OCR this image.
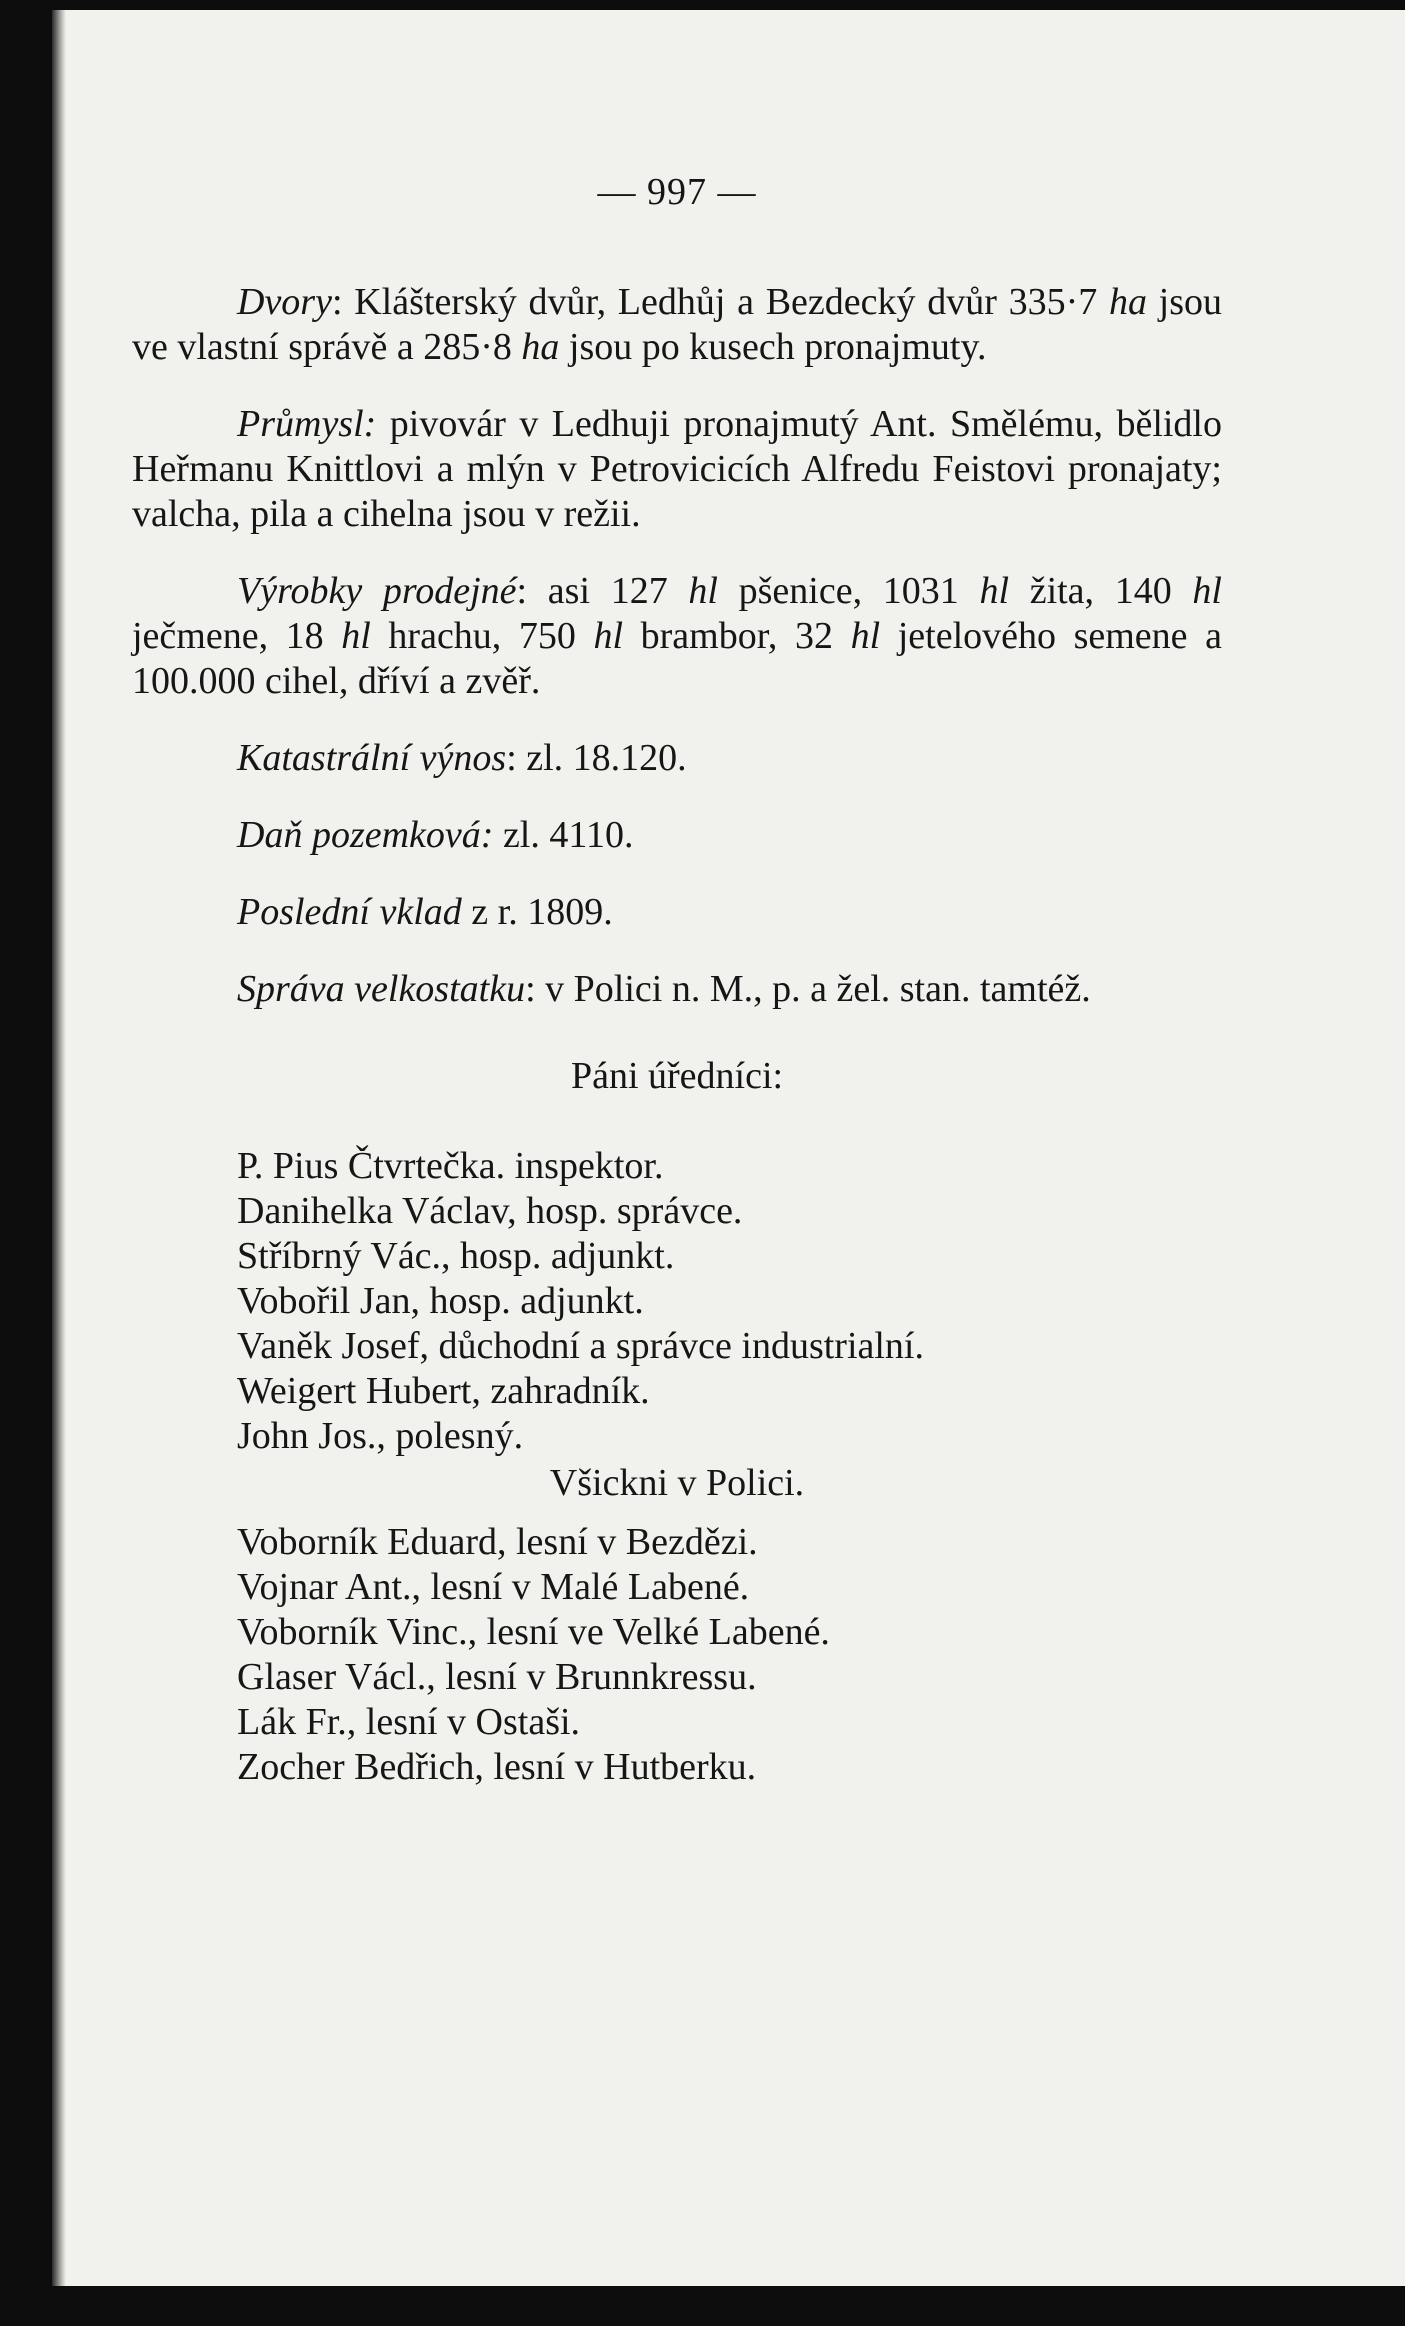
— 997 —

Dvory: Klášterský dvůr, Ledhůj a Bezdecký dvůr 335·7 ha jsou ve vlastní správě a 285·8 ha jsou po kusech pronajmuty.

Průmysl: pivovár v Ledhuji pronajmutý Ant. Smělému, bělidlo Heřmanu Knittlovi a mlýn v Petrovicicích Alfredu Feistovi pronajaty; valcha, pila a cihelna jsou v režii.

Výrobky prodejné: asi 127 hl pšenice, 1031 hl žita, 140 hl ječmene, 18 hl hrachu, 750 hl brambor, 32 hl jetelového semene a 100.000 cihel, dříví a zvěř.

Katastrální výnos: zl. 18.120.

Daň pozemková: zl. 4110.

Poslední vklad z r. 1809.

Správa velkostatku: v Polici n. M., p. a žel. stan. tamtéž.

Páni úředníci:
P. Pius Čtvrtečka. inspektor.
Danihelka Václav, hosp. správce.
Stříbrný Vác., hosp. adjunkt.
Vobořil Jan, hosp. adjunkt.
Vaněk Josef, důchodní a správce industrialní.
Weigert Hubert, zahradník.
John Jos., polesný.
Všickni v Polici.
Voborník Eduard, lesní v Bezdězi.
Vojnar Ant., lesní v Malé Labené.
Voborník Vinc., lesní ve Velké Labené.
Glaser Václ., lesní v Brunnkressu.
Lák Fr., lesní v Ostaši.
Zocher Bedřich, lesní v Hutberku.
